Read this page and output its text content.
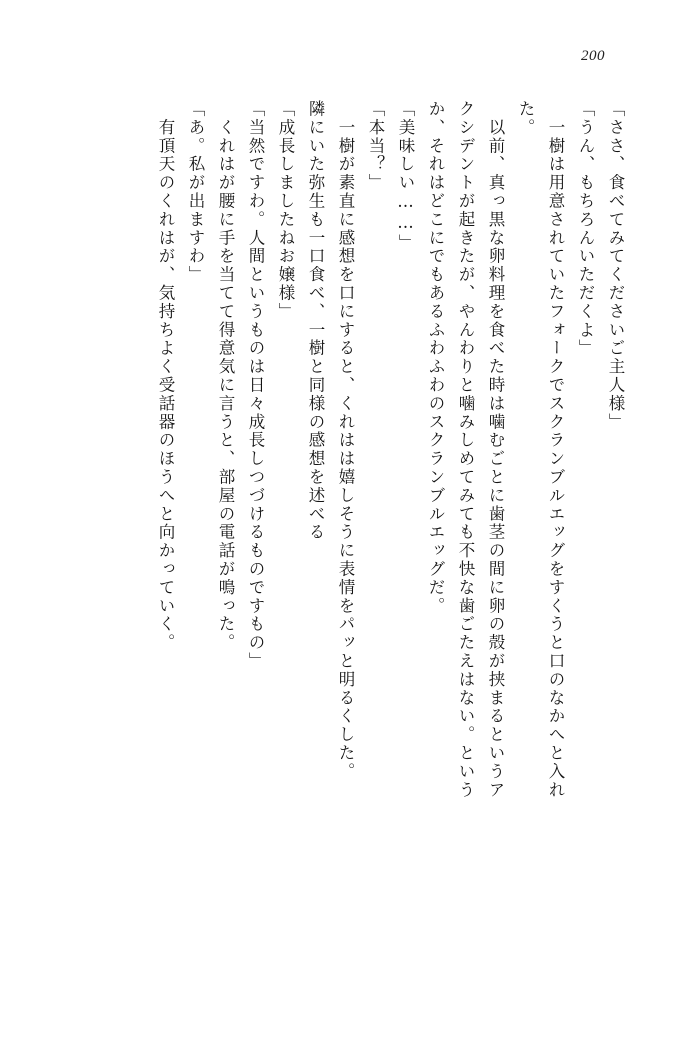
200
「ささ、食べてみてくださいご主人様」
「うん、もちろんいただくよ」
　一樹は用意されていたフォークでスクランブルエッグをすくうと口のなかへと入れ
た。
　以前、真っ黒な卵料理を食べた時は噛むごとに歯茎の間に卵の殻が挟まるというア
クシデントが起きたが、やんわりと噛みしめてみても不快な歯ごたえはない。という
か、それはどこにでもあるふわふわのスクランブルエッグだ。
「美味しい……」
「本当？」
　一樹が素直に感想を口にすると、くれはは嬉しそうに表情をパッと明るくした。
隣にいた弥生も一口食べ、一樹と同様の感想を述べる
「成長しましたねお嬢様」
「当然ですわ。人間というものは日々成長しつづけるものですもの」
　くれはが腰に手を当てて得意気に言うと、部屋の電話が鳴った。
「あ。私が出ますわ」
　有頂天のくれはが、気持ちよく受話器のほうへと向かっていく。
